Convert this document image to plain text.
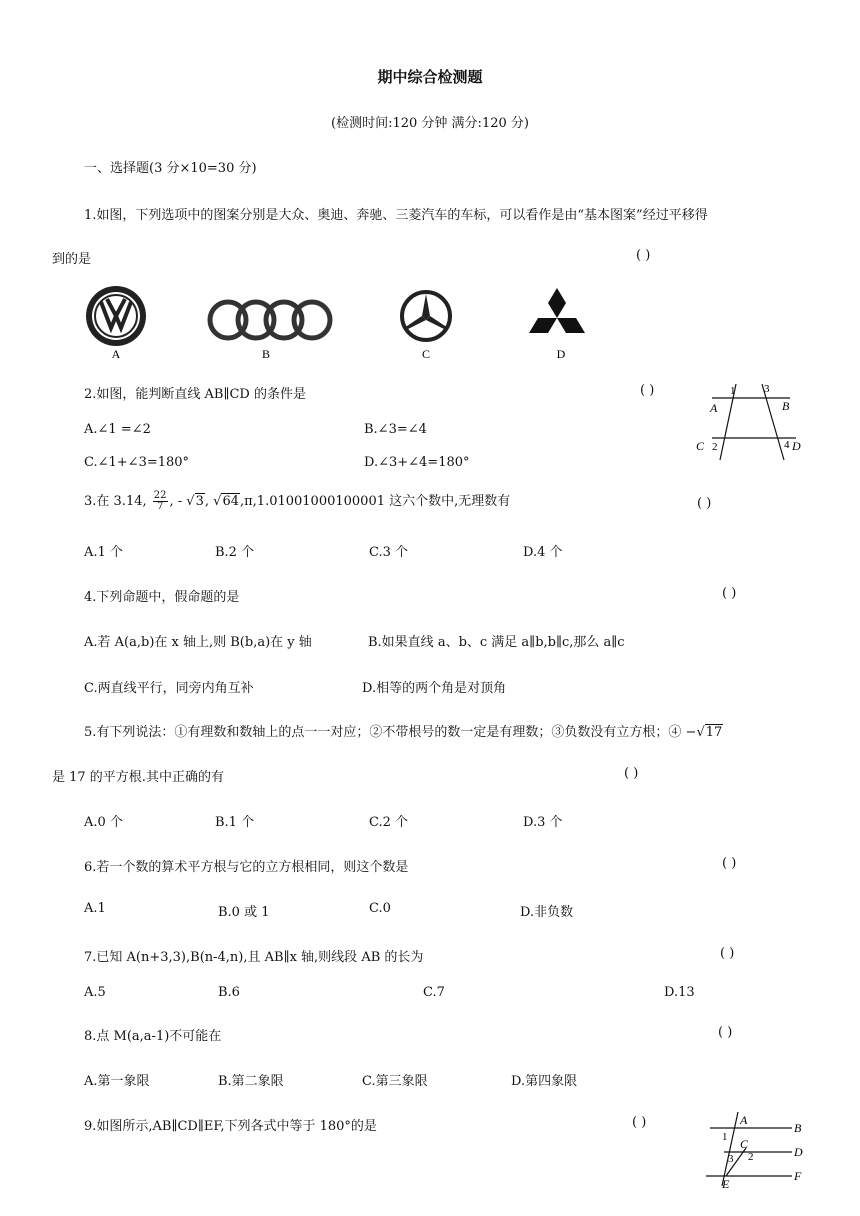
期中综合检测题
(检测时间:120 分钟 满分:120 分)
一、选择题(3 分×10=30 分)
1.如图，下列选项中的图案分别是大众、奥迪、奔驰、三菱汽车的车标，可以看作是由“基本图案”经过平移得
到的是	( )
A	B	C	D
2.如图，能判断直线 AB∥CD 的条件是	( )
A.∠1 =∠2	B.∠3=∠4
C.∠1+∠3=180°	D.∠3+∠4=180°
1	3
A	B
C 2	4 D
3.在 3.14, $\frac{22}{7}$ , - √3, √64,π,1.01001000100001 这六个数中,无理数有	( )
A.1 个	B.2 个	C.3 个	D.4 个
4.下列命题中，假命题的是	( )
A.若 A(a,b)在 x 轴上,则 B(b,a)在 y 轴	B.如果直线 a、b、c 满足 a∥b,b∥c,那么 a∥c
C.两直线平行，同旁内角互补	D.相等的两个角是对顶角
5.有下列说法：①有理数和数轴上的点一一对应；②不带根号的数一定是有理数；③负数没有立方根；④ −√17
是 17 的平方根.其中正确的有	( )
A.0 个	B.1 个	C.2 个	D.3 个
6.若一个数的算术平方根与它的立方根相同，则这个数是	( )
A.1	B.0 或 1	C.0	D.非负数
7.已知 A(n+3,3),B(n-4,n),且 AB∥x 轴,则线段 AB 的长为	( )
A.5	B.6	C.7	D.13
8.点 M(a,a-1)不可能在	( )
A.第一象限	B.第二象限	C.第三象限	D.第四象限
9.如图所示,AB∥CD∥EF,下列各式中等于 180°的是	( )	A
B
1 C
D
3 2
E
F
